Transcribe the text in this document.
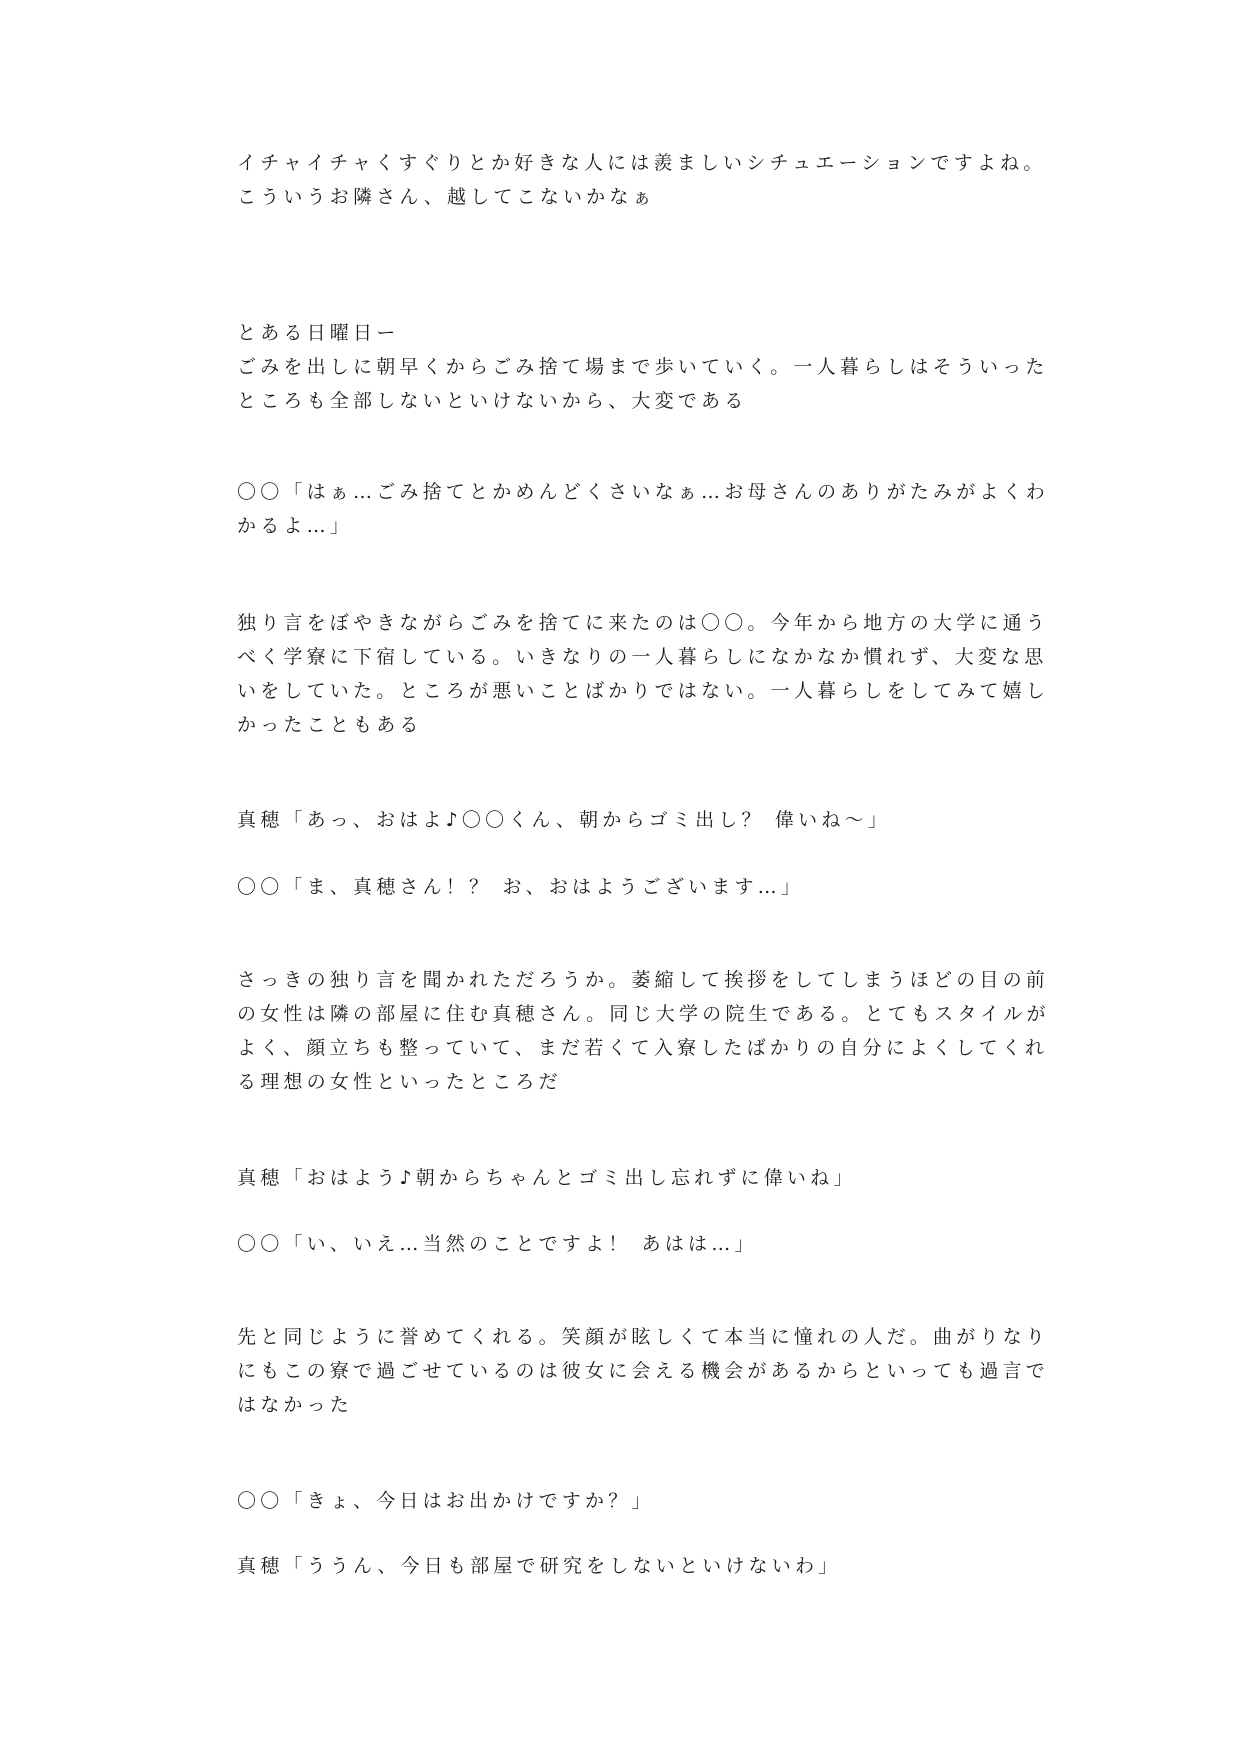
イチャイチャくすぐりとか好きな人には羨ましいシチュエーションですよね。
こういうお隣さん、越してこないかなぁ
とある日曜日ー
ごみを出しに朝早くからごみ捨て場まで歩いていく。一人暮らしはそういった
ところも全部しないといけないから、大変である
〇〇「はぁ…ごみ捨てとかめんどくさいなぁ…お母さんのありがたみがよくわ
かるよ…」
独り言をぼやきながらごみを捨てに来たのは〇〇。今年から地方の大学に通う
べく学寮に下宿している。いきなりの一人暮らしになかなか慣れず、大変な思
いをしていた。ところが悪いことばかりではない。一人暮らしをしてみて嬉し
かったこともある
真穂「あっ、おはよ♪〇〇くん、朝からゴミ出し？ 偉いね～」
〇〇「ま、真穂さん！？ お、おはようございます…」
さっきの独り言を聞かれただろうか。萎縮して挨拶をしてしまうほどの目の前
の女性は隣の部屋に住む真穂さん。同じ大学の院生である。とてもスタイルが
よく、顔立ちも整っていて、まだ若くて入寮したばかりの自分によくしてくれ
る理想の女性といったところだ
真穂「おはよう♪朝からちゃんとゴミ出し忘れずに偉いね」
〇〇「い、いえ…当然のことですよ！ あはは…」
先と同じように誉めてくれる。笑顔が眩しくて本当に憧れの人だ。曲がりなり
にもこの寮で過ごせているのは彼女に会える機会があるからといっても過言で
はなかった
〇〇「きょ、今日はお出かけですか？」
真穂「ううん、今日も部屋で研究をしないといけないわ」
